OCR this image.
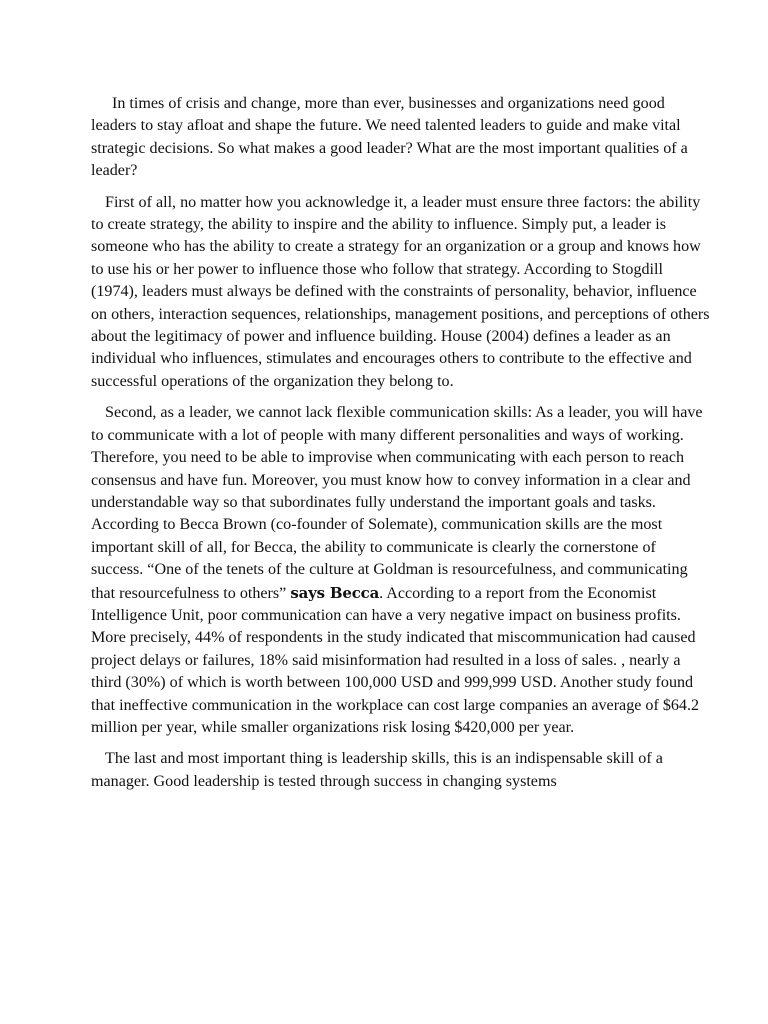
In times of crisis and change, more than ever, businesses and organizations need good leaders to stay afloat and shape the future. We need talented leaders to guide and make vital strategic decisions. So what makes a good leader? What are the most important qualities of a leader?

First of all, no matter how you acknowledge it, a leader must ensure three factors: the ability to create strategy, the ability to inspire and the ability to influence. Simply put, a leader is someone who has the ability to create a strategy for an organization or a group and knows how to use his or her power to influence those who follow that strategy. According to Stogdill (1974), leaders must always be defined with the constraints of personality, behavior, influence on others, interaction sequences, relationships, management positions, and perceptions of others about the legitimacy of power and influence building. House (2004) defines a leader as an individual who influences, stimulates and encourages others to contribute to the effective and successful operations of the organization they belong to.

Second, as a leader, we cannot lack flexible communication skills: As a leader, you will have to communicate with a lot of people with many different personalities and ways of working. Therefore, you need to be able to improvise when communicating with each person to reach consensus and have fun. Moreover, you must know how to convey information in a clear and understandable way so that subordinates fully understand the important goals and tasks. According to Becca Brown (co-founder of Solemate), communication skills are the most important skill of all, for Becca, the ability to communicate is clearly the cornerstone of success. “One of the tenets of the culture at Goldman is resourcefulness, and communicating that resourcefulness to others” says Becca. According to a report from the Economist Intelligence Unit, poor communication can have a very negative impact on business profits. More precisely, 44% of respondents in the study indicated that miscommunication had caused project delays or failures, 18% said misinformation had resulted in a loss of sales. , nearly a third (30%) of which is worth between 100,000 USD and 999,999 USD. Another study found that ineffective communication in the workplace can cost large companies an average of $64.2 million per year, while smaller organizations risk losing $420,000 per year.

The last and most important thing is leadership skills, this is an indispensable skill of a manager. Good leadership is tested through success in changing systems
